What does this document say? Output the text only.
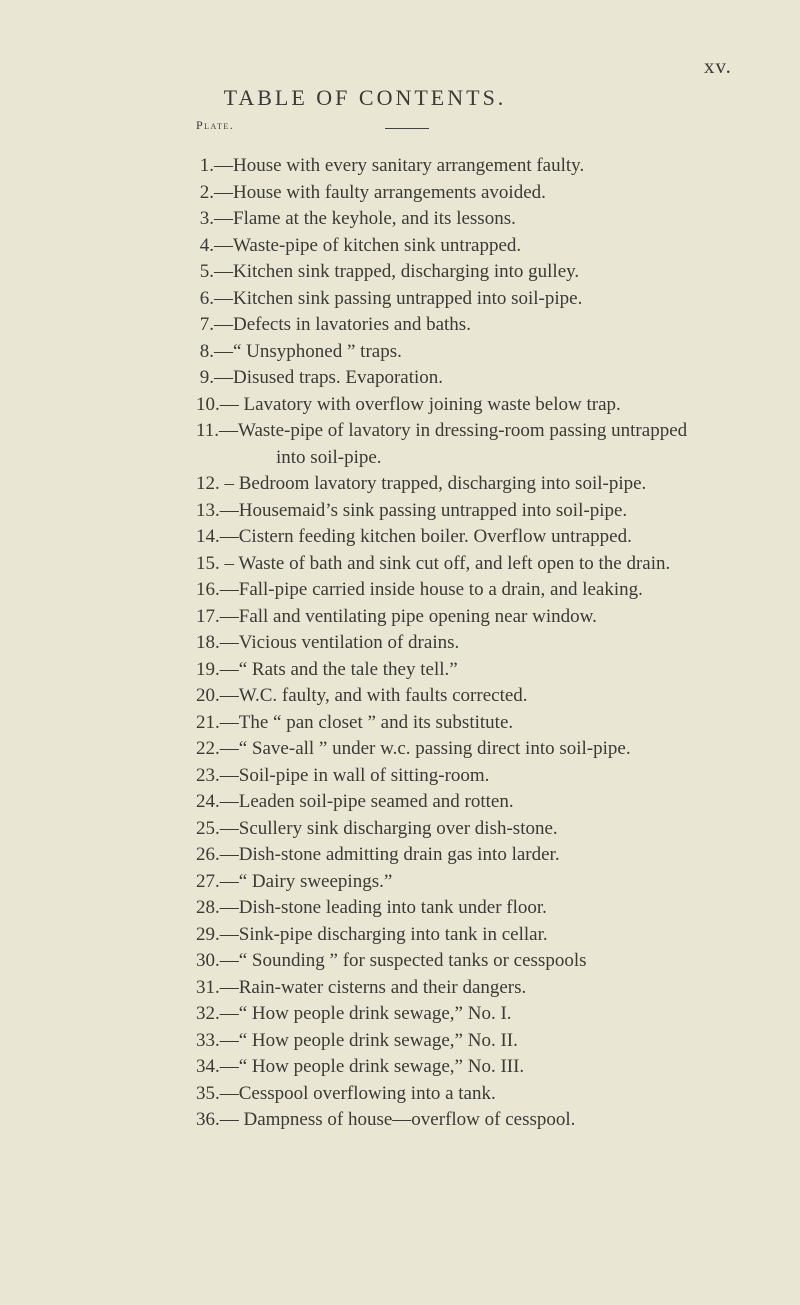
xv.
TABLE OF CONTENTS.
Plate.
1.—House with every sanitary arrangement faulty.
2.—House with faulty arrangements avoided.
3.—Flame at the keyhole, and its lessons.
4.—Waste-pipe of kitchen sink untrapped.
5.—Kitchen sink trapped, discharging into gulley.
6.—Kitchen sink passing untrapped into soil-pipe.
7.—Defects in lavatories and baths.
8.—“ Unsyphoned ” traps.
9.—Disused traps. Evaporation.
10.— Lavatory with overflow joining waste below trap.
11.—Waste-pipe of lavatory in dressing-room passing untrapped
into soil-pipe.
12. – Bedroom lavatory trapped, discharging into soil-pipe.
13.—Housemaid’s sink passing untrapped into soil-pipe.
14.—Cistern feeding kitchen boiler. Overflow untrapped.
15. – Waste of bath and sink cut off, and left open to the drain.
16.—Fall-pipe carried inside house to a drain, and leaking.
17.—Fall and ventilating pipe opening near window.
18.—Vicious ventilation of drains.
19.—“ Rats and the tale they tell.”
20.—W.C. faulty, and with faults corrected.
21.—The “ pan closet ” and its substitute.
22.—“ Save-all ” under w.c. passing direct into soil-pipe.
23.—Soil-pipe in wall of sitting-room.
24.—Leaden soil-pipe seamed and rotten.
25.—Scullery sink discharging over dish-stone.
26.—Dish-stone admitting drain gas into larder.
27.—“ Dairy sweepings.”
28.—Dish-stone leading into tank under floor.
29.—Sink-pipe discharging into tank in cellar.
30.—“ Sounding ” for suspected tanks or cesspools
31.—Rain-water cisterns and their dangers.
32.—“ How people drink sewage,” No. I.
33.—“ How people drink sewage,” No. II.
34.—“ How people drink sewage,” No. III.
35.—Cesspool overflowing into a tank.
36.— Dampness of house—overflow of cesspool.
